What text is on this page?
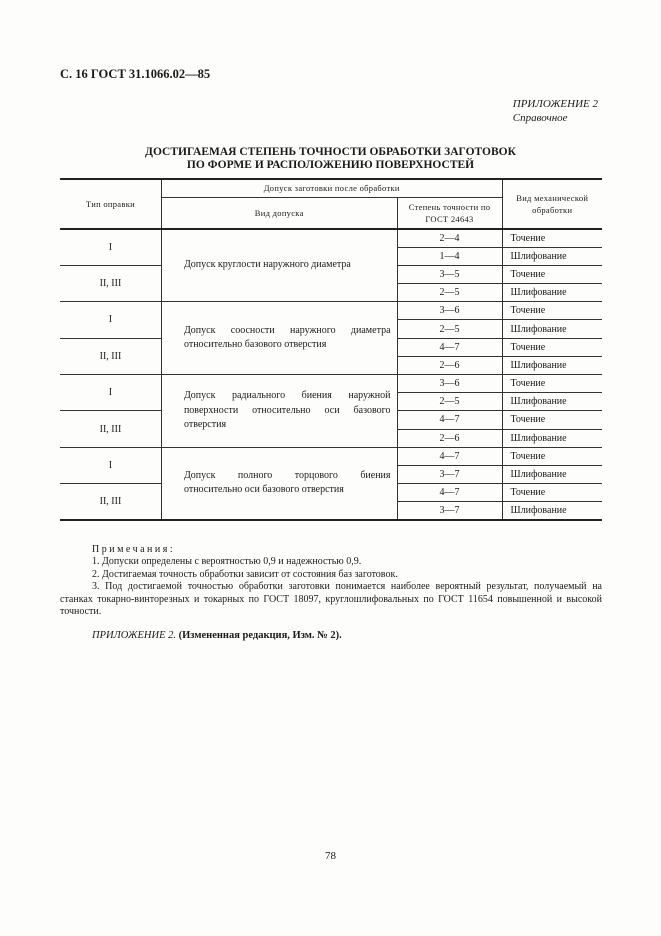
С. 16 ГОСТ 31.1066.02—85
ПРИЛОЖЕНИЕ 2
Справочное
ДОСТИГАЕМАЯ СТЕПЕНЬ ТОЧНОСТИ ОБРАБОТКИ ЗАГОТОВОК
ПО ФОРМЕ И РАСПОЛОЖЕНИЮ ПОВЕРХНОСТЕЙ
Тип оправки	Допуск заготовки после обработки		Вид механической обработки
	Вид допуска	Степень точности по ГОСТ 24643	
I	Допуск круглости наружного диаметра	2—4	Точение
		1—4	Шлифование
II, III		3—5	Точение
		2—5	Шлифование
I	Допуск соосности наружного диаметра относительно базового отверстия	3—6	Точение
		2—5	Шлифование
II, III		4—7	Точение
		2—6	Шлифование
I	Допуск радиального биения наружной поверхности относительно оси базового отверстия	3—6	Точение
		2—5	Шлифование
II, III		4—7	Точение
		2—6	Шлифование
I	Допуск полного торцового биения относительно оси базового отверстия	4—7	Точение
		3—7	Шлифование
II, III		4—7	Точение
		3—7	Шлифование
Примечания:
1. Допуски определены с вероятностью 0,9 и надежностью 0,9.
2. Достигаемая точность обработки зависит от состояния баз заготовок.
3. Под достигаемой точностью обработки заготовки понимается наиболее вероятный результат, получаемый на станках токарно-винторезных и токарных по ГОСТ 18097, круглошлифовальных по ГОСТ 11654 повышенной и высокой точности.
ПРИЛОЖЕНИЕ 2. (Измененная редакция, Изм. № 2).
78
